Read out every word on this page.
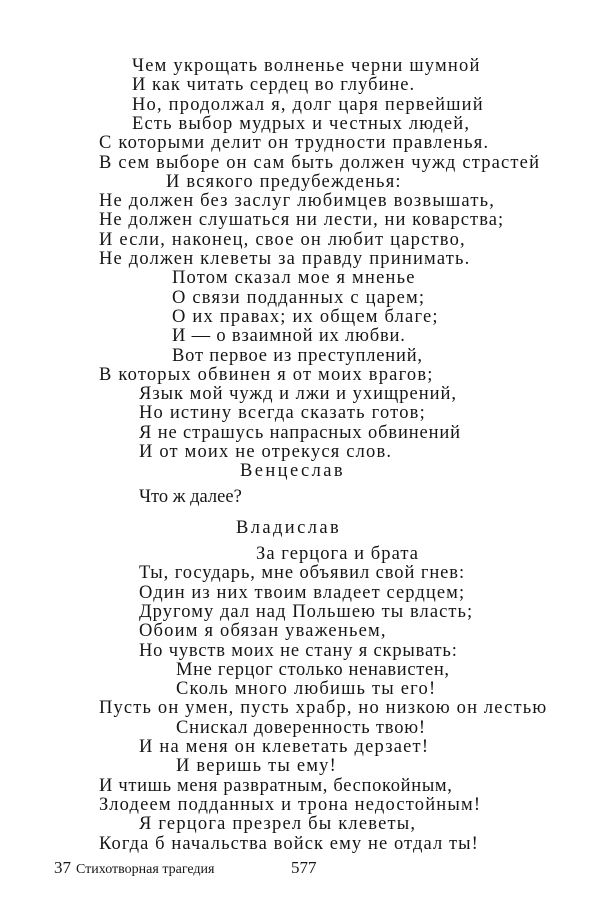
Чем укрощать волненье черни шумной
И как читать сердец во глубине.
Но, продолжал я, долг царя первейший
Есть выбор мудрых и честных людей,
С которыми делит он трудности правленья.
В сем выборе он сам быть должен чужд страстей
И всякого предубежденья:
Не должен без заслуг любимцев возвышать,
Не должен слушаться ни лести, ни коварства;
И если, наконец, свое он любит царство,
Не должен клеветы за правду принимать.
Потом сказал мое я мненье
О связи подданных с царем;
О их правах; их общем благе;
И — о взаимной их любви.
Вот первое из преступлений,
В которых обвинен я от моих врагов;
Язык мой чужд и лжи и ухищрений,
Но истину всегда сказать готов;
Я не страшусь напрасных обвинений
И от моих не отрекуся слов.
Венцеслав
Что ж далее?
Владислав
За герцога и брата
Ты, государь, мне объявил свой гнев:
Один из них твоим владеет сердцем;
Другому дал над Польшею ты власть;
Обоим я обязан уваженьем,
Но чувств моих не стану я скрывать:
Мне герцог столько ненавистен,
Сколь много любишь ты его!
Пусть он умен, пусть храбр, но низкою он лестью
Снискал доверенность твою!
И на меня он клеветать дерзает!
И веришь ты ему!
И чтишь меня развратным, беспокойным,
Злодеем подданных и трона недостойным!
Я герцога презрел бы клеветы,
Когда б начальства войск ему не отдал ты!
37 Стихотворная трагедия	577
